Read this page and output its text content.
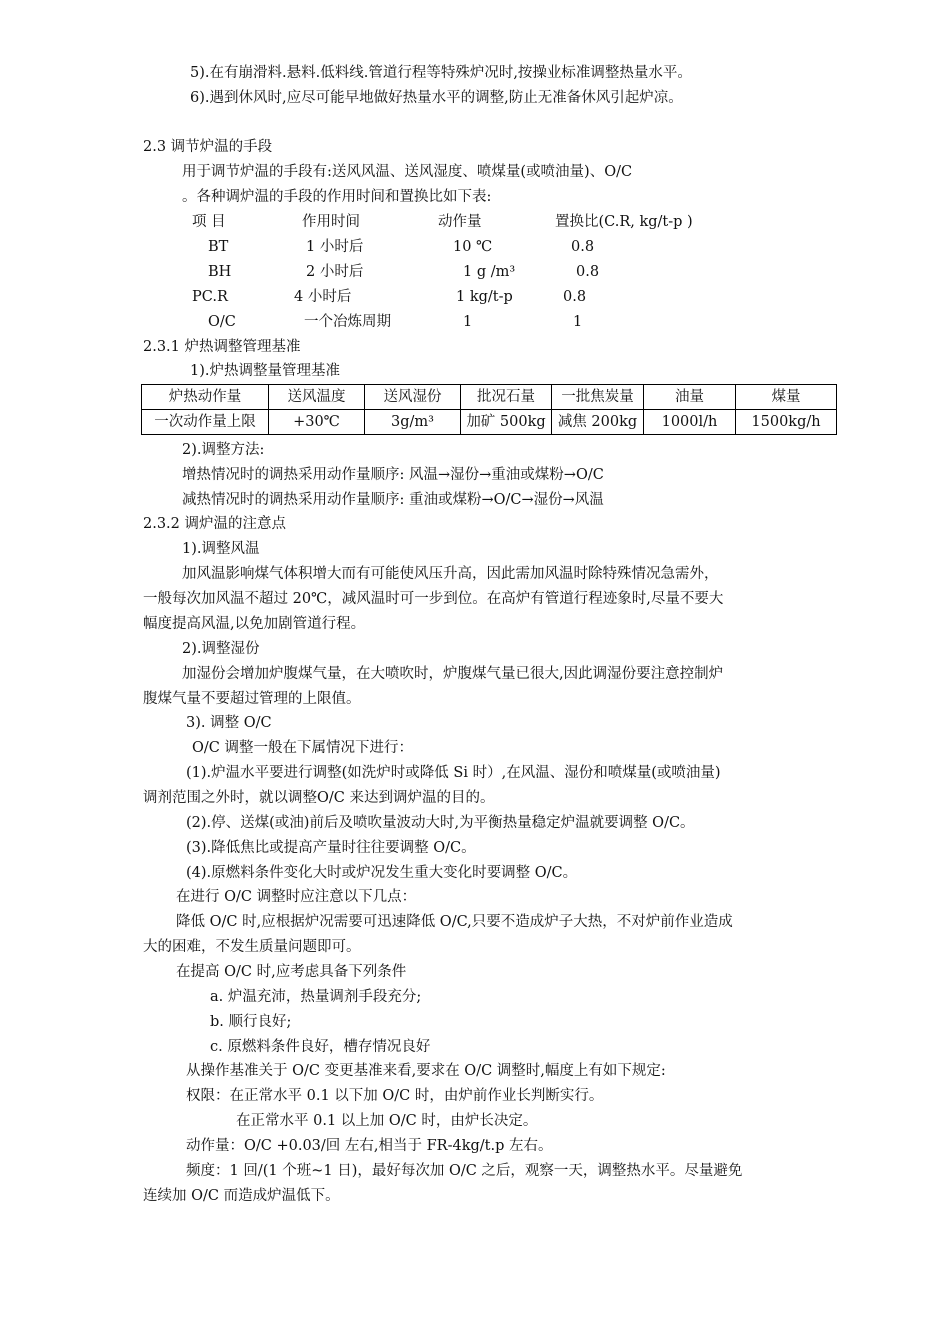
5).在有崩滑料.悬料.低料线.管道行程等特殊炉况时,按操业标准调整热量水平。
6).遇到休风时,应尽可能早地做好热量水平的调整,防止无准备休风引起炉凉。
2.3 调节炉温的手段
用于调节炉温的手段有:送风风温、送风湿度、喷煤量(或喷油量)、O/C
。各种调炉温的手段的作用时间和置换比如下表:
项 目	作用时间	动作量	置换比(C.R, kg/t-p )
BT	1 小时后	10 ℃	0.8
BH	2 小时后	1 g /m³	0.8
PC.R	4 小时后	1 kg/t-p	0.8
O/C	一个冶炼周期	1	1
2.3.1 炉热调整管理基准
1).炉热调整量管理基准
炉热动作量	送风温度	送风湿份	批况石量	一批焦炭量	油量	煤量
一次动作量上限	+30℃	3g/m³	加矿 500kg	减焦 200kg	1000l/h	1500kg/h
2).调整方法:
增热情况时的调热采用动作量顺序: 风温→湿份→重油或煤粉→O/C
减热情况时的调热采用动作量顺序: 重油或煤粉→O/C→湿份→风温
2.3.2 调炉温的注意点
1).调整风温
加风温影响煤气体积增大而有可能使风压升高，因此需加风温时除特殊情况急需外，
一般每次加风温不超过 20℃，减风温时可一步到位。在高炉有管道行程迹象时,尽量不要大
幅度提高风温,以免加剧管道行程。
2).调整湿份
加湿份会增加炉腹煤气量，在大喷吹时，炉腹煤气量已很大,因此调湿份要注意控制炉
腹煤气量不要超过管理的上限值。
3). 调整 O/C
O/C 调整一般在下属情况下进行：
(1).炉温水平要进行调整(如洗炉时或降低 Si 时）,在风温、湿份和喷煤量(或喷油量)
调剂范围之外时，就以调整O/C 来达到调炉温的目的。
(2).停、送煤(或油)前后及喷吹量波动大时,为平衡热量稳定炉温就要调整 O/C。
(3).降低焦比或提高产量时往往要调整 O/C。
(4).原燃料条件变化大时或炉况发生重大变化时要调整 O/C。
在进行 O/C 调整时应注意以下几点：
降低 O/C 时,应根据炉况需要可迅速降低 O/C,只要不造成炉子大热，不对炉前作业造成
大的困难，不发生质量问题即可。
在提高 O/C 时,应考虑具备下列条件
a. 炉温充沛，热量调剂手段充分;
b. 顺行良好;
c. 原燃料条件良好，槽存情况良好
从操作基准关于 O/C 变更基准来看,要求在 O/C 调整时,幅度上有如下规定:
权限：在正常水平 0.1 以下加 O/C 时，由炉前作业长判断实行。
在正常水平 0.1 以上加 O/C 时，由炉长决定。
动作量：O/C +0.03/回 左右,相当于 FR-4kg/t.p 左右。
频度：1 回/(1 个班~1 日)，最好每次加 O/C 之后，观察一天，调整热水平。尽量避免
连续加 O/C 而造成炉温低下。
